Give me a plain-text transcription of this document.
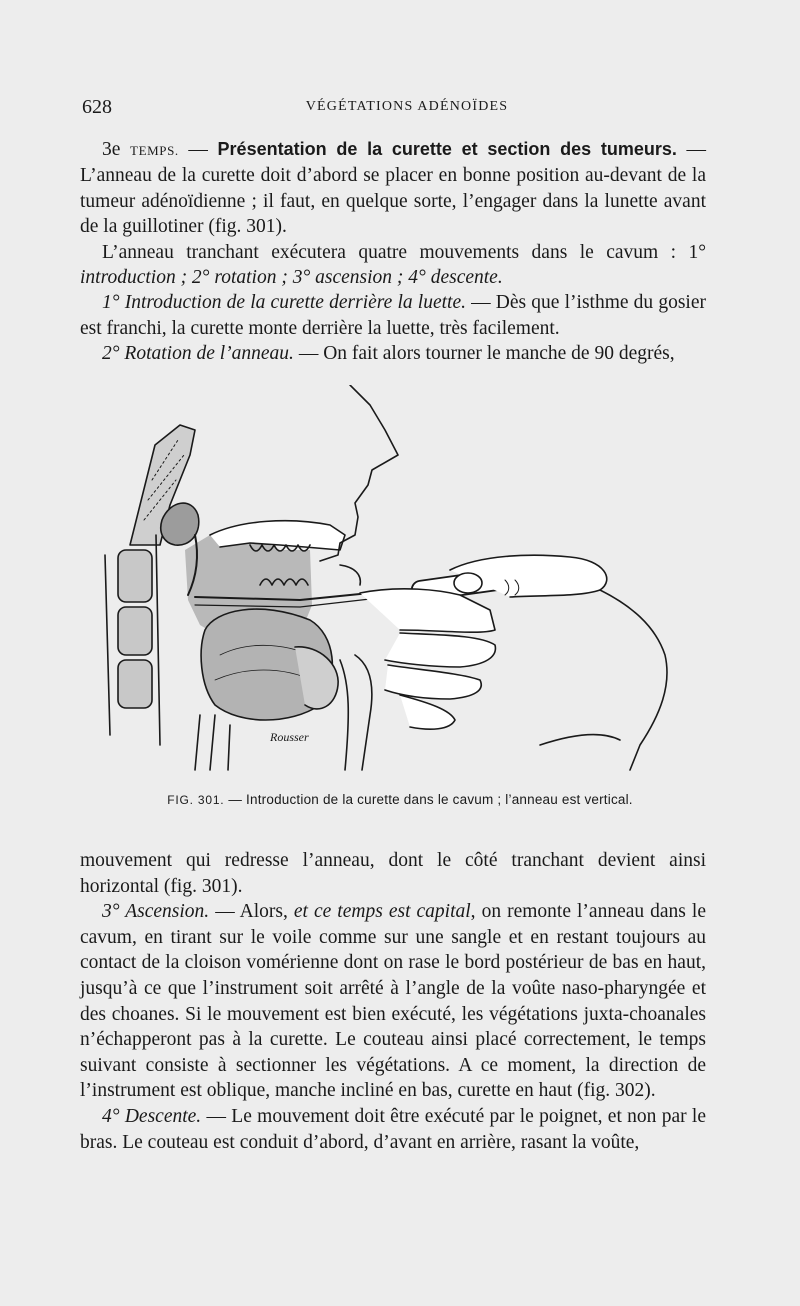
628	VÉGÉTATIONS ADÉNOÏDES

3e TEMPS. — Présentation de la curette et section des tumeurs. — L’anneau de la curette doit d’abord se placer en bonne position au-devant de la tumeur adénoïdienne ; il faut, en quelque sorte, l’engager dans la lunette avant de la guillotiner (fig. 301).

L’anneau tranchant exécutera quatre mouvements dans le cavum : 1° introduction ; 2° rotation ; 3° ascension ; 4° descente.

1° Introduction de la curette derrière la luette. — Dès que l’isthme du gosier est franchi, la curette monte derrière la luette, très facilement.

2° Rotation de l’anneau. — On fait alors tourner le manche de 90 degrés,

Rousser
FIG. 301. — Introduction de la curette dans le cavum ; l’anneau est vertical.

mouvement qui redresse l’anneau, dont le côté tranchant devient ainsi horizontal (fig. 301).

3° Ascension. — Alors, et ce temps est capital, on remonte l’anneau dans le cavum, en tirant sur le voile comme sur une sangle et en restant toujours au contact de la cloison vomérienne dont on rase le bord postérieur de bas en haut, jusqu’à ce que l’instrument soit arrêté à l’angle de la voûte naso-pharyngée et des choanes. Si le mouvement est bien exécuté, les végétations juxta-choanales n’échapperont pas à la curette. Le couteau ainsi placé correctement, le temps suivant consiste à sectionner les végétations. A ce moment, la direction de l’instrument est oblique, manche incliné en bas, curette en haut (fig. 302).

4° Descente. — Le mouvement doit être exécuté par le poignet, et non par le bras. Le couteau est conduit d’abord, d’avant en arrière, rasant la voûte,
